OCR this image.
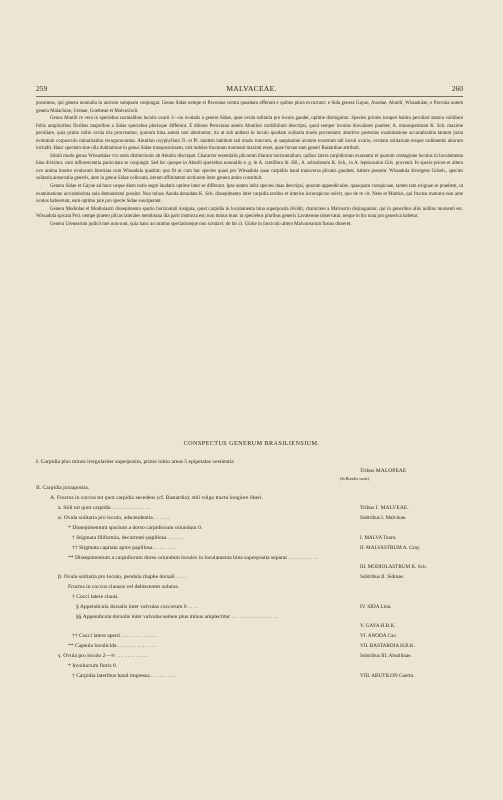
259	MALVACEAE.	260

posuimus, qui genera nonnulla in unicum sumpsam conjungat. Genus Sidae nempe et Pavoniae centra quaedam efferunt e quibus plura excurrunt: e Sida genera Gayae, Anodae, Abutili, Wissadulae, e Pavonia autem genera Malachrae, Urenae, Goetheae et Malvaviscii.

Genus Abutili re vera in speciebus normalibus loculis ovarii 3—oo ovulatis a genere Sidae, quae ovula solitaria pro loculo gaudet, optime distinguitur. Species priores insuper habitu peculiari statura validiore foliis amplioribus floribus majoribus a Sidae speciebus plerisque differunt. E ditione Peruviana autem Abutilon cordifolium descripsi, quod semper loculos biovulatos praebet; A. monospermum K. Sch. maxime peculiare, quia primo initio ovula tria procreantur, quorum bina autem non aboriuntur, ita ut sub anthesi in loculo quodam solitaria modo proveniant; abortivo posterius examinatione accuratissima tantum juxta evolutum corpusculo minutissimo recognoscuntur. Abutilon oxyphyllum Tr. et Pl. tandem habitum tali modo truncum, ut saepissime acutum exsertum tali loculi ovario, ovulum solitarium eisque rudimentis aliorum includit. Hanc speciem sine ulla dubitatione in genus Sidae transposuissem, nisi indoles fructuum momenti maximi esset, quae forsan eam generi Bastardiae attribuit.

Simili modo genus Wissadulae vix notis distinctionis ab Abutilo discrepat. Character essentialis plicarum illarum horizontalium, quibus latera carpidiorum exarantur et quarum contagione loculus in loculamenta bina divisitur, cum inflorescentia paniculata se conjungit. Sed hic quoque in Abutili speciebus nonnullis e. g. in A. ramiflora St. Hil., A. aristulosum K. Sch., in A. leptocaulon Gris. provenit. In specie priore et altera ovo anima inserto ovulorum biseriata cum Wissadula quadrat; quo fit ut cum hac species quasi pro Wissadula quae carpidiis haud transversa plicatis gaudent, habere possent. Wissadula divergens Griseb., species solitaria autoevalia generis, ante in genus Sidae collocata, iterum affinitatem arctiorem inter genera ambo constituit.

Genera Sidae et Gayae ad hunc usque diem notis segre laudatis optime inter se differunt. Ipse autem infra species duas descripsi, quarum appendiculae, quasquam conspicuae, tamen tam exiguae se praebent, ut examinatione accuratissima sola demonstrari possint. Non minus Anoda denudata K. Sch. dissepimento inter carpidia tardius et interius inconspicuo solvit, quo de re cit. Nees et Martius, qui fructus maturos non ante oculos habuerunt, eam optimo jure pro specie Sidae susciperant.

Genera Modiolae et Modiolastri dissepimento spurio horizontali insignia, quod carpidia in loculamenta bina superposita dividit, charactere a Malvastro disjunguntur, qui in generibus aliis nullius momenti est. Wissadula spicata Prsl. nempe praeter plicas laterales membrana illa parti instructa est; non minus hunc in speciebus pluribus generis Lavatereae observatur, neque in his nota pro generica habetur.

Genera Urenearum judicii mei non sunt, quia hanc accuratius speciationque non scrutavi; de his cl. Gürke in fasciculo altero Malvacearum fusius disseret.

CONSPECTUS GENERUM BRASILIENSIUM.
I. Carpidia plus minus irregulariter superposita, primo initio areas 5 epipetalas vestientia
Tribus MALOPEAE
(In Brasilia vacat).
II. Carpidia juxtaposita.
A. Fructus in coccos tot quot carpidia secedens (cf. Bastardia); stili vulgo tractu longiore liberi.
a. Stili tot quot carpidia . . . . . . . . . . . . . .	Tribus I. MALVEAE.
α. Ovula solitaria pro loculo, adscendentia . . . . . .	Subtribus I. Malvinae.
* Dissepimentum spurium a dorso carpidiorum oriundum 0.
† Stigmata filiformia, decurrenti-papillosa . . . . . .	I. MALVA Tourn.
†† Stigmata capitata apice papillosa . . . . . . . .	II. MALVASTRUM A. Gray.
** Dissepimentum a carpidiorum dorso oriundum loculos in loculamenta bina superposita separat . . . . . . . . . . .
III. MODIOLASTRUM K. Sch.
β. Ovula solitaria pro loculo, pendula rhaphe dorsali . . . .	Subtribus II. Sidinae.
Fructus in coccos clausos vel dehiscentes solutus.
† Cocci latere clausi.
§ Appendicula dorsalis inter valvulas coccorum 0 . . . .	IV. SIDA Linn.
§§ Appendicula dorsalis inter valvulas semen plus minus amplectitur . . . . . . . . . . . . . . . . .
V. GAYA H.B.K.
†† Cocci latere aperti . . . . . . . . . . . . .	VI. ANODA Cav.
** Capsula loculicida . . . . . . . . . . . . . .	VII. BASTARDIA H.B.K.
γ. Ovula pro loculo 2—∞ . . . . . . . . . . . .	Subtribus III. Abutilinae.
* Involucrum floris 0.
† Carpidia lateribus haud impressa . . . . . . . . .	VIII. ABUTILON Gaertn.
